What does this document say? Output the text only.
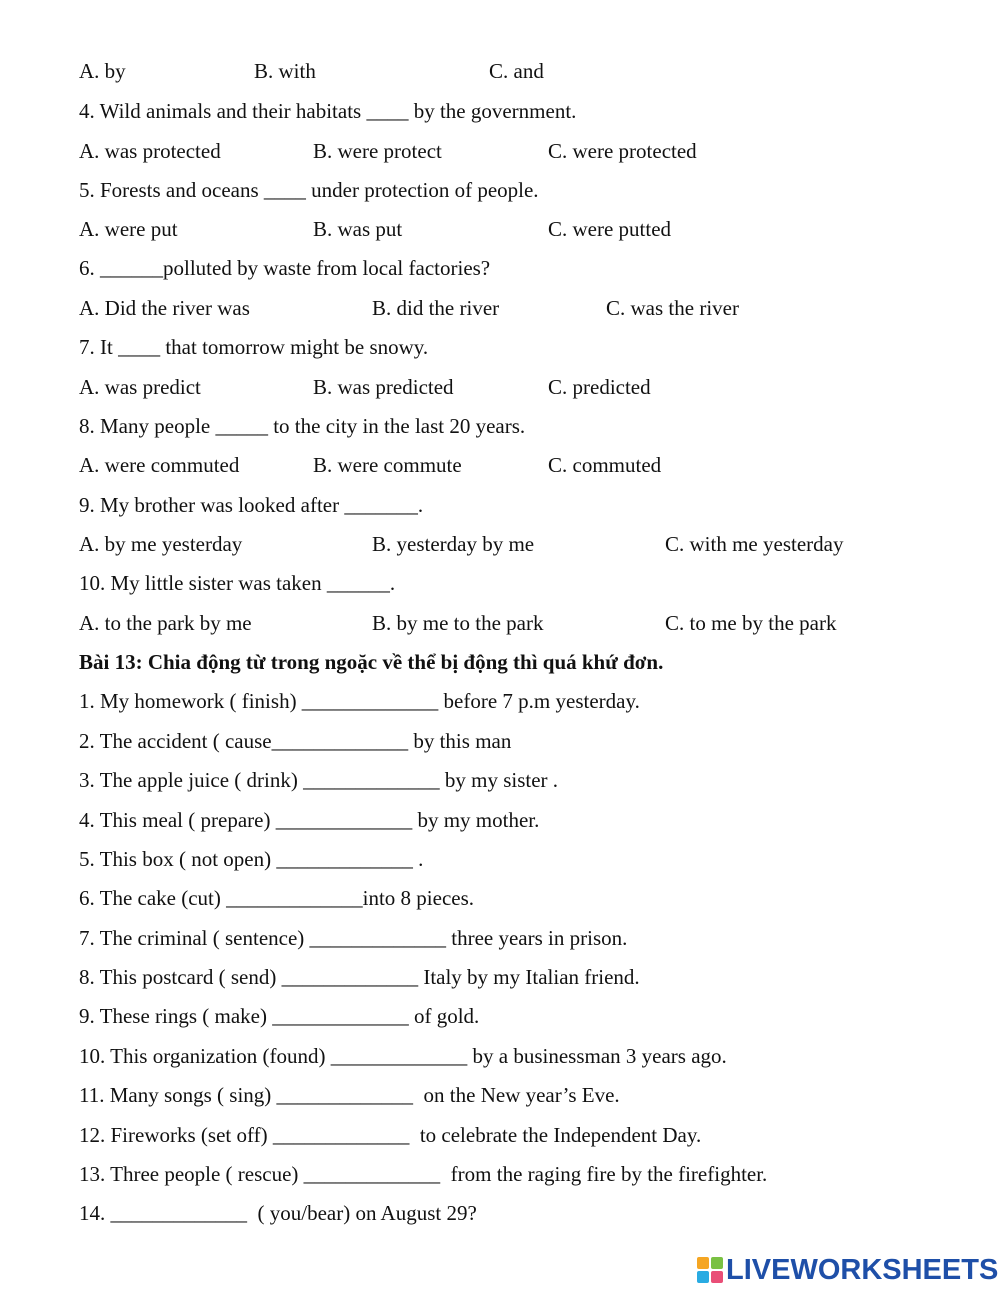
A. by	B. with	C. and
4. Wild animals and their habitats ____ by the government.
A. was protected	B. were protect	C. were protected
5. Forests and oceans ____ under protection of people.
A. were put	B. was put	C. were putted
6. ______polluted by waste from local factories?
A. Did the river was	B. did the river	C. was the river
7. It ____ that tomorrow might be snowy.
A. was predict	B. was predicted	C. predicted
8. Many people _____ to the city in the last 20 years.
A. were commuted	B. were commute	C. commuted
9. My brother was looked after _______.
A. by me yesterday	B. yesterday by me	C. with me yesterday
10. My little sister was taken ______.
A. to the park by me	B. by me to the park	C. to me by the park
Bài 13: Chia động từ trong ngoặc về thể bị động thì quá khứ đơn.
1. My homework ( finish) _____________ before 7 p.m yesterday.
2. The accident ( cause_____________ by this man
3. The apple juice ( drink) _____________ by my sister .
4. This meal ( prepare) _____________ by my mother.
5. This box ( not open) _____________ .
6. The cake (cut) _____________into 8 pieces.
7. The criminal ( sentence) _____________ three years in prison.
8. This postcard ( send) _____________ Italy by my Italian friend.
9. These rings ( make) _____________ of gold.
10. This organization (found) _____________ by a businessman 3 years ago.
11. Many songs ( sing) _____________  on the New year’s Eve.
12. Fireworks (set off) _____________  to celebrate the Independent Day.
13. Three people ( rescue) _____________  from the raging fire by the firefighter.
14. _____________  ( you/bear) on August 29?
LIVEWORKSHEETS
